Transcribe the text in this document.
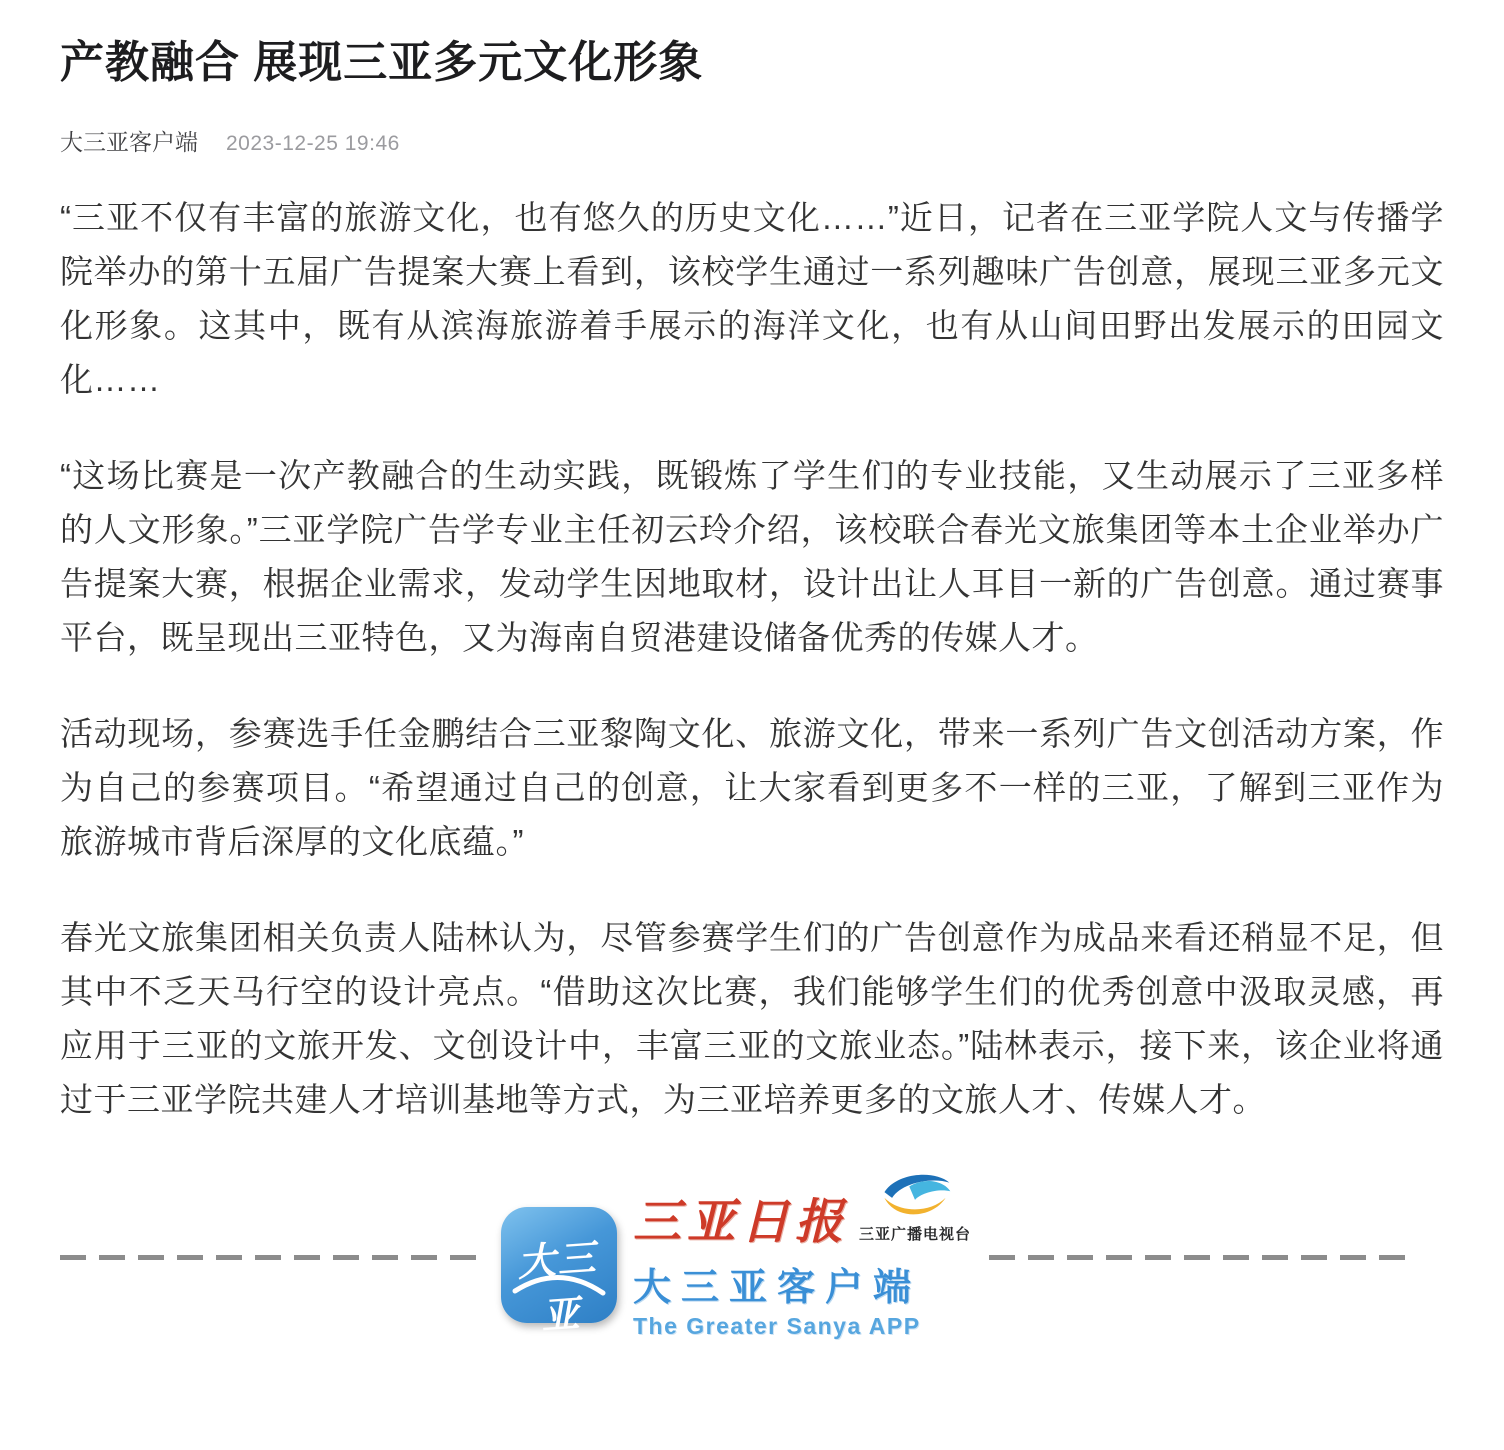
产教融合 展现三亚多元文化形象
大三亚客户端 2023-12-25 19:46

“三亚不仅有丰富的旅游文化，也有悠久的历史文化……”近日，记者在三亚学院人文与传播学院举办的第十五届广告提案大赛上看到，该校学生通过一系列趣味广告创意，展现三亚多元文化形象。这其中，既有从滨海旅游着手展示的海洋文化，也有从山间田野出发展示的田园文化……

“这场比赛是一次产教融合的生动实践，既锻炼了学生们的专业技能，又生动展示了三亚多样的人文形象。”三亚学院广告学专业主任初云玲介绍，该校联合春光文旅集团等本土企业举办广告提案大赛，根据企业需求，发动学生因地取材，设计出让人耳目一新的广告创意。通过赛事平台，既呈现出三亚特色，又为海南自贸港建设储备优秀的传媒人才。

活动现场，参赛选手任金鹏结合三亚黎陶文化、旅游文化，带来一系列广告文创活动方案，作为自己的参赛项目。“希望通过自己的创意，让大家看到更多不一样的三亚，了解到三亚作为旅游城市背后深厚的文化底蕴。”

春光文旅集团相关负责人陆林认为，尽管参赛学生们的广告创意作为成品来看还稍显不足，但其中不乏天马行空的设计亮点。“借助这次比赛，我们能够学生们的优秀创意中汲取灵感，再应用于三亚的文旅开发、文创设计中，丰富三亚的文旅业态。”陆林表示，接下来，该企业将通过于三亚学院共建人才培训基地等方式，为三亚培养更多的文旅人才、传媒人才。

大三亚
三亚日报 三亚广播电视台
大三亚客户端
The Greater Sanya APP
